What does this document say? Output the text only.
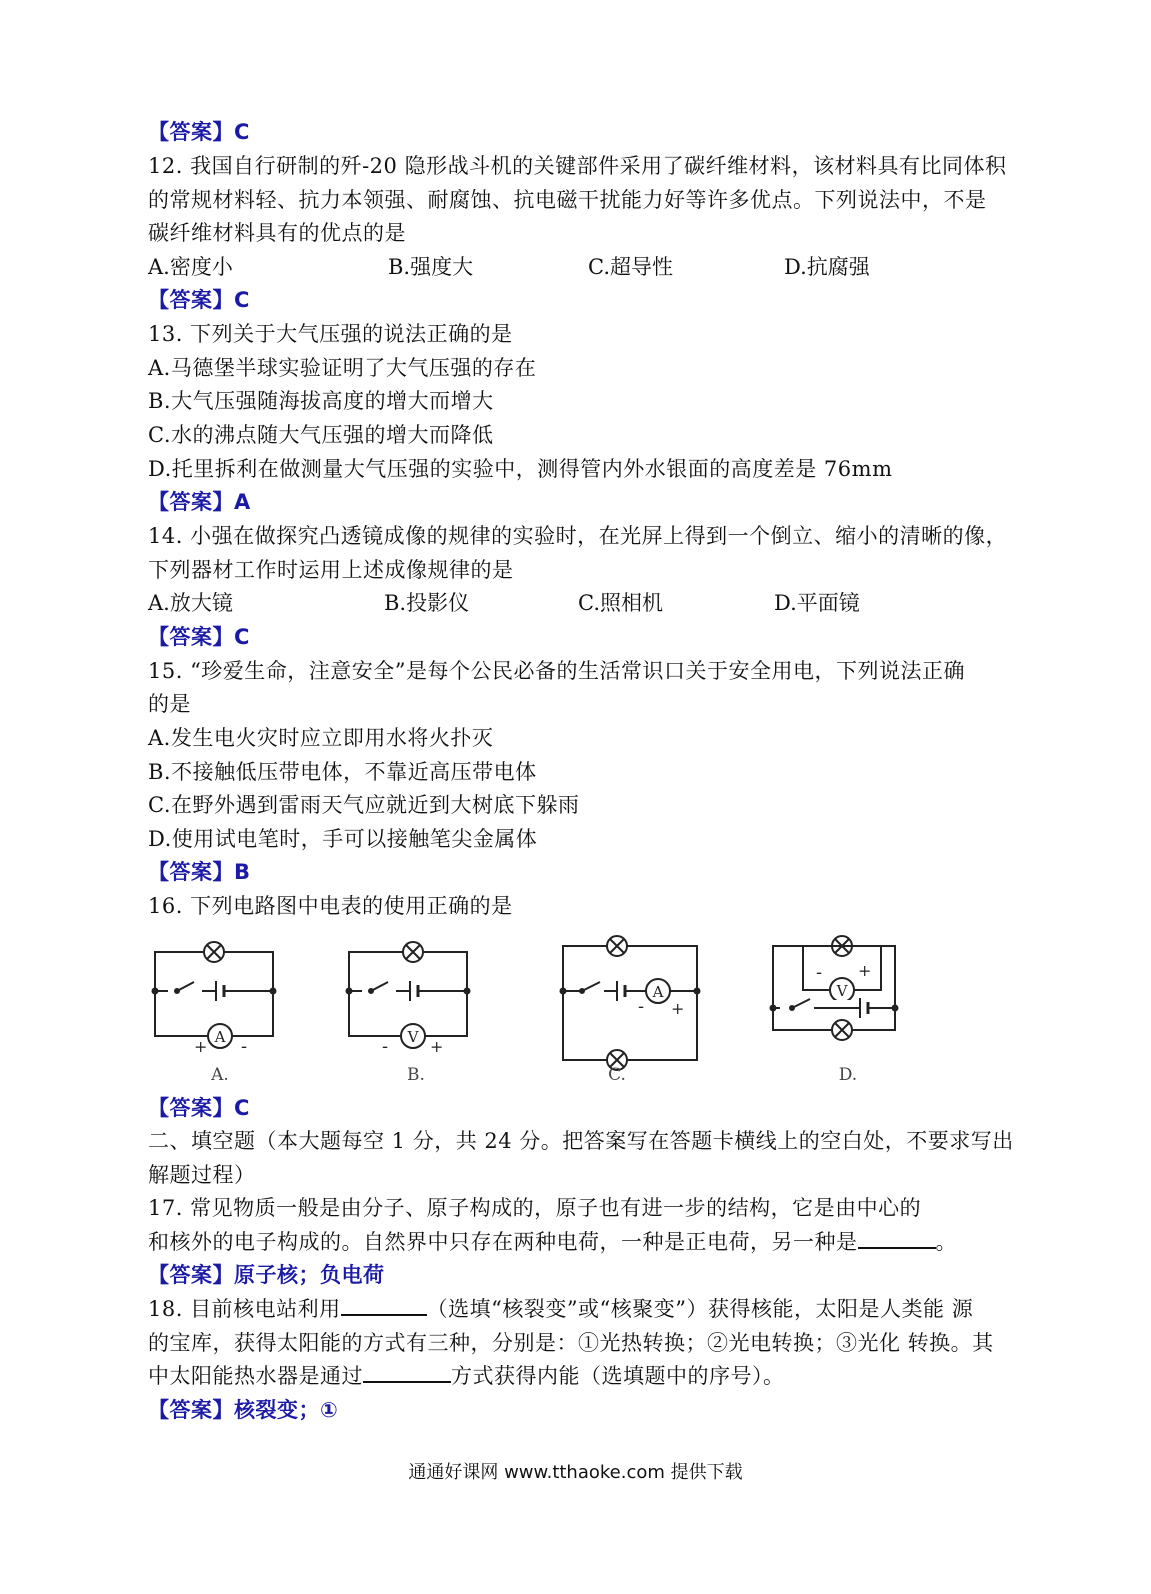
【答案】C
12. 我国自行研制的歼-20 隐形战斗机的关键部件采用了碳纤维材料，该材料具有比同体积
的常规材料轻、抗力本领强、耐腐蚀、抗电磁干扰能力好等许多优点。下列说法中，不是
碳纤维材料具有的优点的是
A.密度小	B.强度大	C.超导性	D.抗腐强
【答案】C
13. 下列关于大气压强的说法正确的是
A.马德堡半球实验证明了大气压强的存在
B.大气压强随海拔高度的增大而增大
C.水的沸点随大气压强的增大而降低
D.托里拆利在做测量大气压强的实验中，测得管内外水银面的高度差是 76mm
【答案】A
14. 小强在做探究凸透镜成像的规律的实验时，在光屏上得到一个倒立、缩小的清晰的像，
下列器材工作时运用上述成像规律的是
A.放大镜	B.投影仪	C.照相机	D.平面镜
【答案】C
15. “珍爱生命，注意安全”是每个公民必备的生活常识口关于安全用电，下列说法正确
的是
A.发生电火灾时应立即用水将火扑灭
B.不接触低压带电体，不靠近高压带电体
C.在野外遇到雷雨天气应就近到大树底下躲雨
D.使用试电笔时，手可以接触笔尖金属体
【答案】B
16. 下列电路图中电表的使用正确的是
A
+ -
A.
V
-	+
B.
A
- +
C.
V
- +
D.
【答案】C
二、填空题（本大题每空 1 分，共 24 分。把答案写在答题卡横线上的空白处，不要求写出
解题过程）
17. 常见物质一般是由分子、原子构成的，原子也有进一步的结构，它是由中心的
和核外的电子构成的。自然界中只存在两种电荷，一种是正电荷，另一种是	。
【答案】原子核；负电荷
18. 目前核电站利用	（选填“核裂变”或“核聚变”）获得核能，太阳是人类能 源
的宝库，获得太阳能的方式有三种，分别是：①光热转换；②光电转换；③光化 转换。其
中太阳能热水器是通过	方式获得内能（选填题中的序号）。
【答案】核裂变；①
通通好课网 www.tthaoke.com 提供下载
